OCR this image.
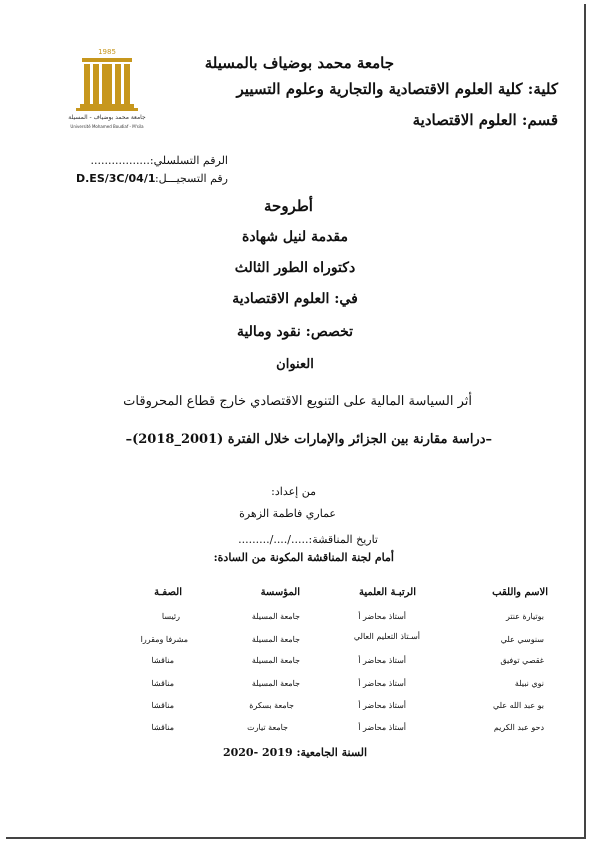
1985
جامعة محمد بوضياف - المسيلة
Université Mohamed Boudiaf - M'sila
جامعة محمد بوضياف بالمسيلة
كلية: كلية العلوم الاقتصادية والتجارية وعلوم التسيير
قسم: العلوم الاقتصادية
الرقم التسلسلي:.................
رقم التسجيـــل:
D.ES/3C/04/1
أطروحة
مقدمة لنيل شهادة
دكتوراه الطور الثالث
في: العلوم الاقتصادية
تخصص: نقود ومالية
العنوان
أثر السياسة المالية على التنويع الاقتصادي خارج قطاع المحروقات
–دراسة مقارنة بين الجزائر والإمارات خلال الفترة (2001_2018)–
من إعداد:
عماري فاطمة الزهرة
تاريخ المناقشة:...../..../.........
أمام لجنة المناقشة المكونة من السادة:
الاسم واللقب
الرتبـة العلمية
المؤسسة
الصفـة
بوتيارة عنتر
أستاذ محاضر أ
جامعة المسيلة
رئيسا
سنوسي علي
أسـتاذ التعليم العالي
جامعة المسيلة
مشرفا ومقررا
غقصي توفيق
أستاذ محاضر أ
جامعة المسيلة
مناقشا
نوي نبيلة
أستاذ محاضر أ
جامعة المسيلة
مناقشا
بو عبد الله علي
أستاذ محاضر أ
جامعة بسكرة
مناقشا
دحو عبد الكريم
أستاذ محاضر أ
جامعة تيارت
مناقشا
السنة الجامعية: 2019 -2020
